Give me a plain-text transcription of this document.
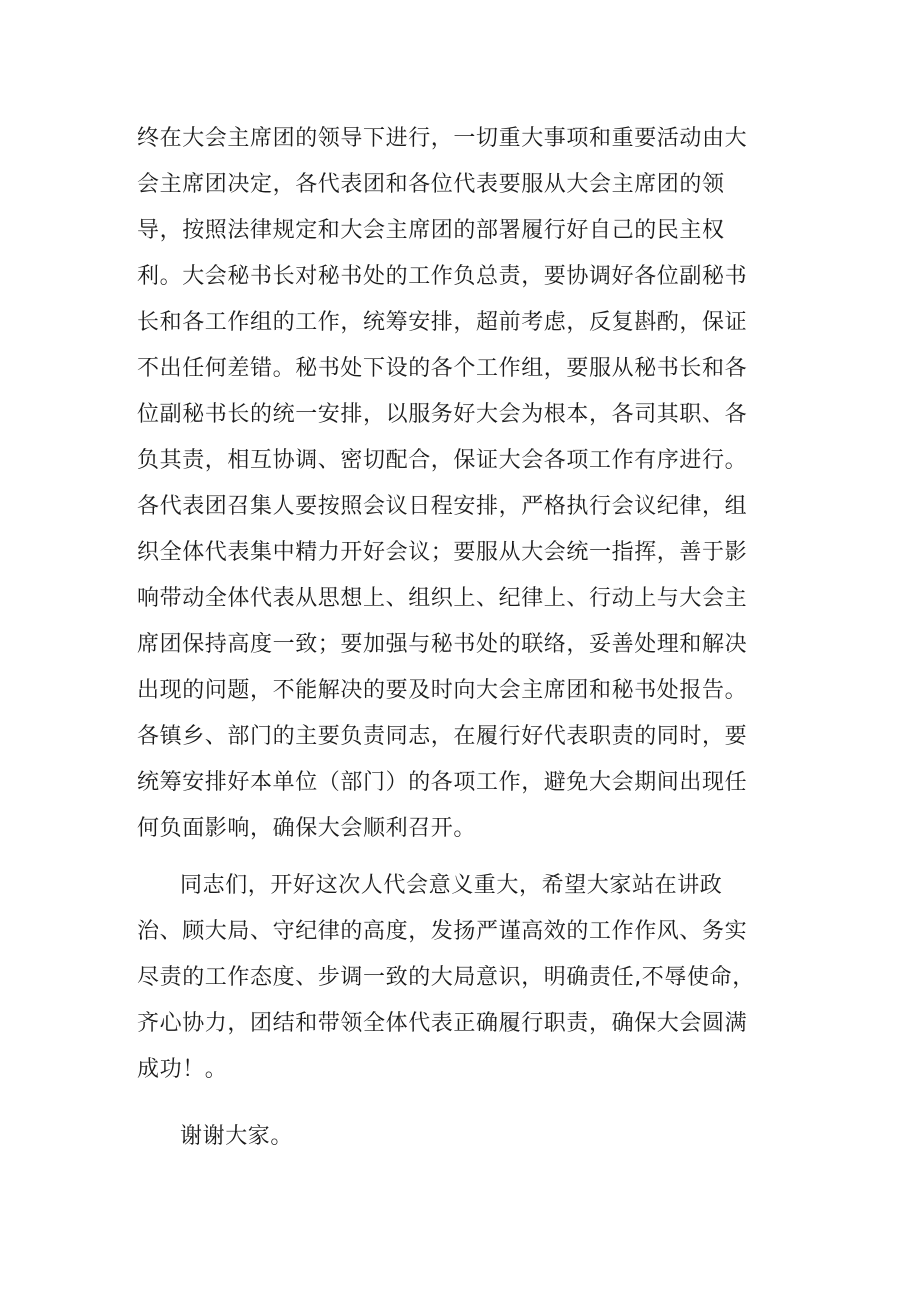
终在大会主席团的领导下进行，一切重大事项和重要活动由大
会主席团决定，各代表团和各位代表要服从大会主席团的领
导，按照法律规定和大会主席团的部署履行好自己的民主权
利。大会秘书长对秘书处的工作负总责，要协调好各位副秘书
长和各工作组的工作，统筹安排，超前考虑，反复斟酌，保证
不出任何差错。秘书处下设的各个工作组，要服从秘书长和各
位副秘书长的统一安排，以服务好大会为根本，各司其职、各
负其责，相互协调、密切配合，保证大会各项工作有序进行。
各代表团召集人要按照会议日程安排，严格执行会议纪律，组
织全体代表集中精力开好会议；要服从大会统一指挥，善于影
响带动全体代表从思想上、组织上、纪律上、行动上与大会主
席团保持高度一致；要加强与秘书处的联络，妥善处理和解决
出现的问题，不能解决的要及时向大会主席团和秘书处报告。
各镇乡、部门的主要负责同志，在履行好代表职责的同时，要
统筹安排好本单位（部门）的各项工作，避免大会期间出现任
何负面影响，确保大会顺利召开。
同志们，开好这次人代会意义重大，希望大家站在讲政
治、顾大局、守纪律的高度，发扬严谨高效的工作作风、务实
尽责的工作态度、步调一致的大局意识，明确责任,不辱使命，
齐心协力，团结和带领全体代表正确履行职责，确保大会圆满
成功！。
谢谢大家。
